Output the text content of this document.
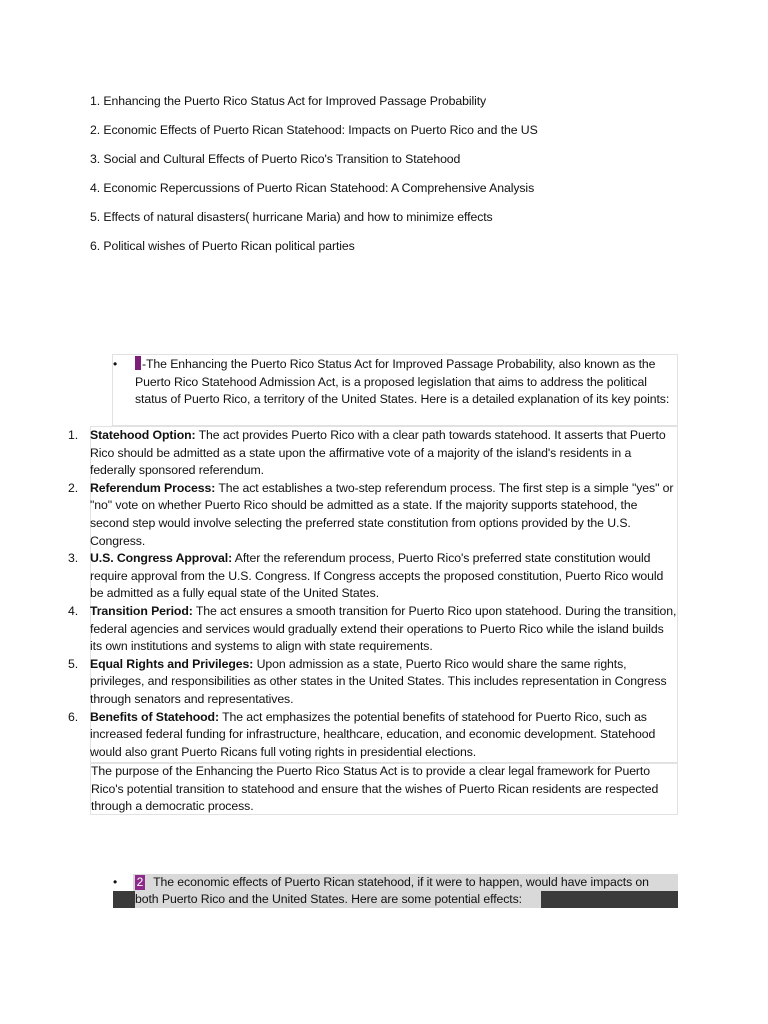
1. Enhancing the Puerto Rico Status Act for Improved Passage Probability
2. Economic Effects of Puerto Rican Statehood: Impacts on Puerto Rico and the US
3. Social and Cultural Effects of Puerto Rico's Transition to Statehood
4. Economic Repercussions of Puerto Rican Statehood: A Comprehensive Analysis
5. Effects of natural disasters( hurricane Maria) and how to minimize effects
6. Political wishes of Puerto Rican political parties
•	-The Enhancing the Puerto Rico Status Act for Improved Passage Probability, also known as the Puerto Rico Statehood Admission Act, is a proposed legislation that aims to address the political status of Puerto Rico, a territory of the United States. Here is a detailed explanation of its key points:
1. Statehood Option: The act provides Puerto Rico with a clear path towards statehood. It asserts that Puerto Rico should be admitted as a state upon the affirmative vote of a majority of the island's residents in a federally sponsored referendum.
2. Referendum Process: The act establishes a two-step referendum process. The first step is a simple "yes" or "no" vote on whether Puerto Rico should be admitted as a state. If the majority supports statehood, the second step would involve selecting the preferred state constitution from options provided by the U.S. Congress.
3. U.S. Congress Approval: After the referendum process, Puerto Rico's preferred state constitution would require approval from the U.S. Congress. If Congress accepts the proposed constitution, Puerto Rico would be admitted as a fully equal state of the United States.
4. Transition Period: The act ensures a smooth transition for Puerto Rico upon statehood. During the transition, federal agencies and services would gradually extend their operations to Puerto Rico while the island builds its own institutions and systems to align with state requirements.
5. Equal Rights and Privileges: Upon admission as a state, Puerto Rico would share the same rights, privileges, and responsibilities as other states in the United States. This includes representation in Congress through senators and representatives.
6. Benefits of Statehood: The act emphasizes the potential benefits of statehood for Puerto Rico, such as increased federal funding for infrastructure, healthcare, education, and economic development. Statehood would also grant Puerto Ricans full voting rights in presidential elections.
The purpose of the Enhancing the Puerto Rico Status Act is to provide a clear legal framework for Puerto Rico's potential transition to statehood and ensure that the wishes of Puerto Rican residents are respected through a democratic process.
• 2 The economic effects of Puerto Rican statehood, if it were to happen, would have impacts on
both Puerto Rico and the United States. Here are some potential effects:
